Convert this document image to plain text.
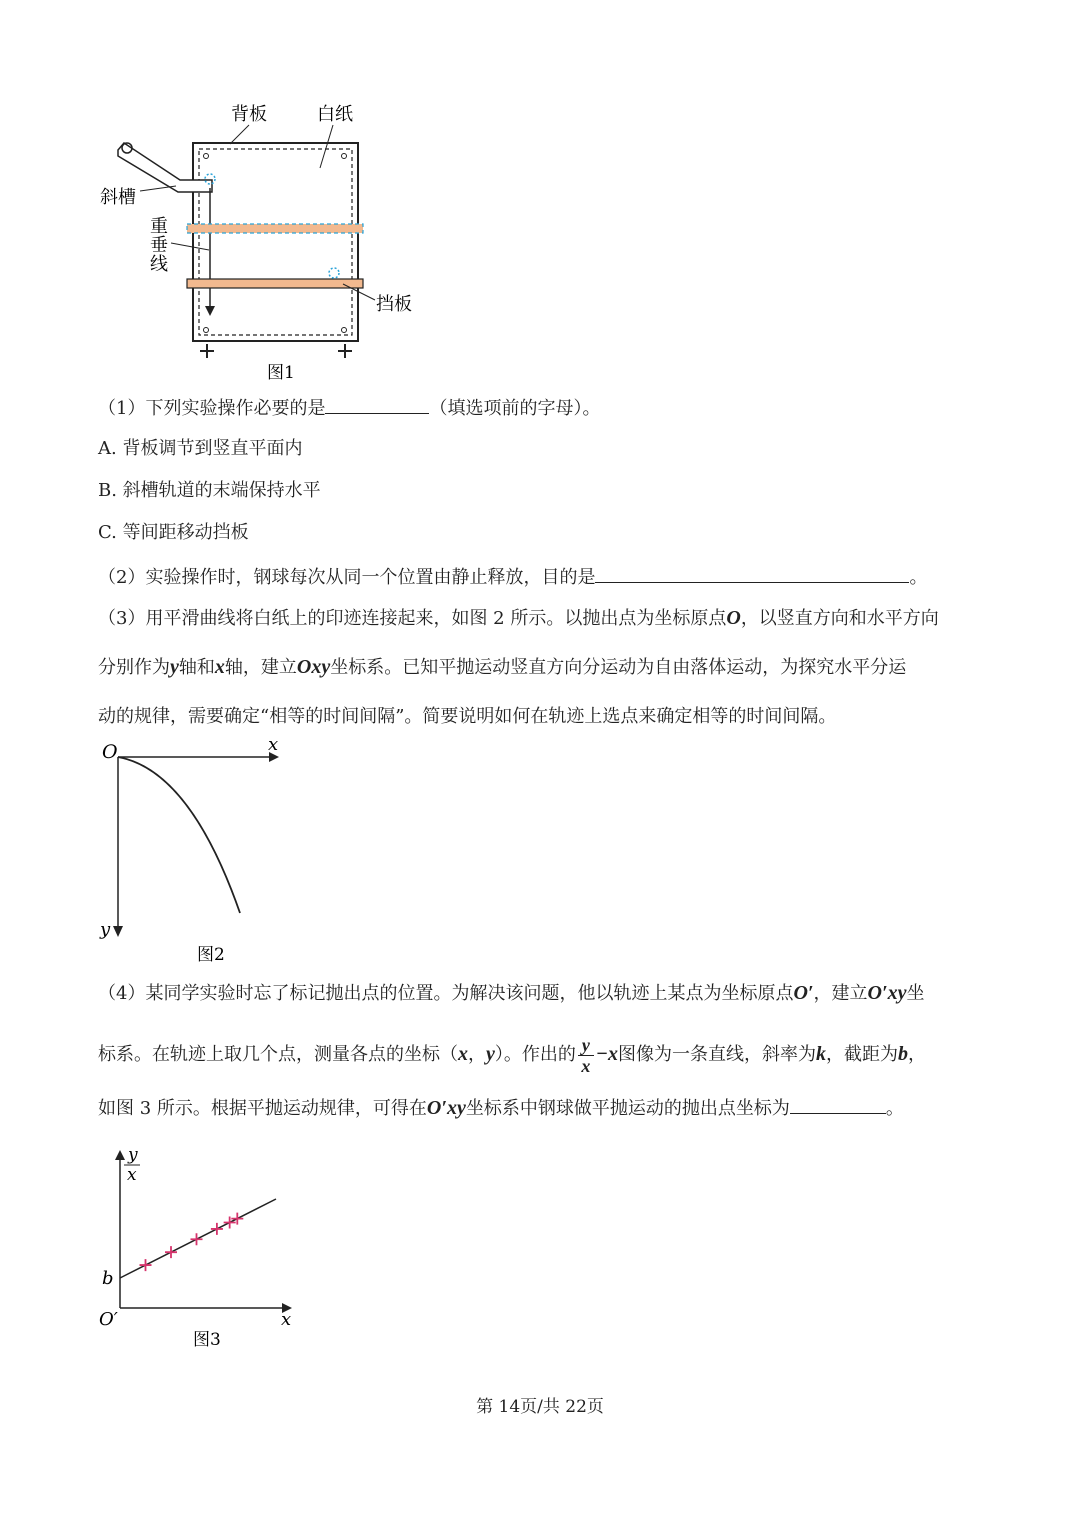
背板	白纸
斜槽
重
垂
线
挡板
图1
（1）下列实验操作必要的是	（填选项前的字母）。
A. 背板调节到竖直平面内
B. 斜槽轨道的末端保持水平
C. 等间距移动挡板
（2）实验操作时，钢球每次从同一个位置由静止释放，目的是	。
（3）用平滑曲线将白纸上的印迹连接起来，如图 2 所示。以抛出点为坐标原点O，以竖直方向和水平方向
分别作为y轴和x轴，建立Oxy坐标系。已知平抛运动竖直方向分运动为自由落体运动，为探究水平分运
动的规律，需要确定“相等的时间间隔”。简要说明如何在轨迹上选点来确定相等的时间间隔。
O	x
y
图2
（4）某同学实验时忘了标记抛出点的位置。为解决该问题，他以轨迹上某点为坐标原点O′，建立O′xy坐
标系。在轨迹上取几个点，测量各点的坐标（x，y）。作出的 $\frac{y}{x} -x$图像为一条直线，斜率为k，截距为b，
如图 3 所示。根据平抛运动规律，可得在O′xy坐标系中钢球做平抛运动的抛出点坐标为	。
y
x
b
O′	x
图3
第 14页/共 22页
